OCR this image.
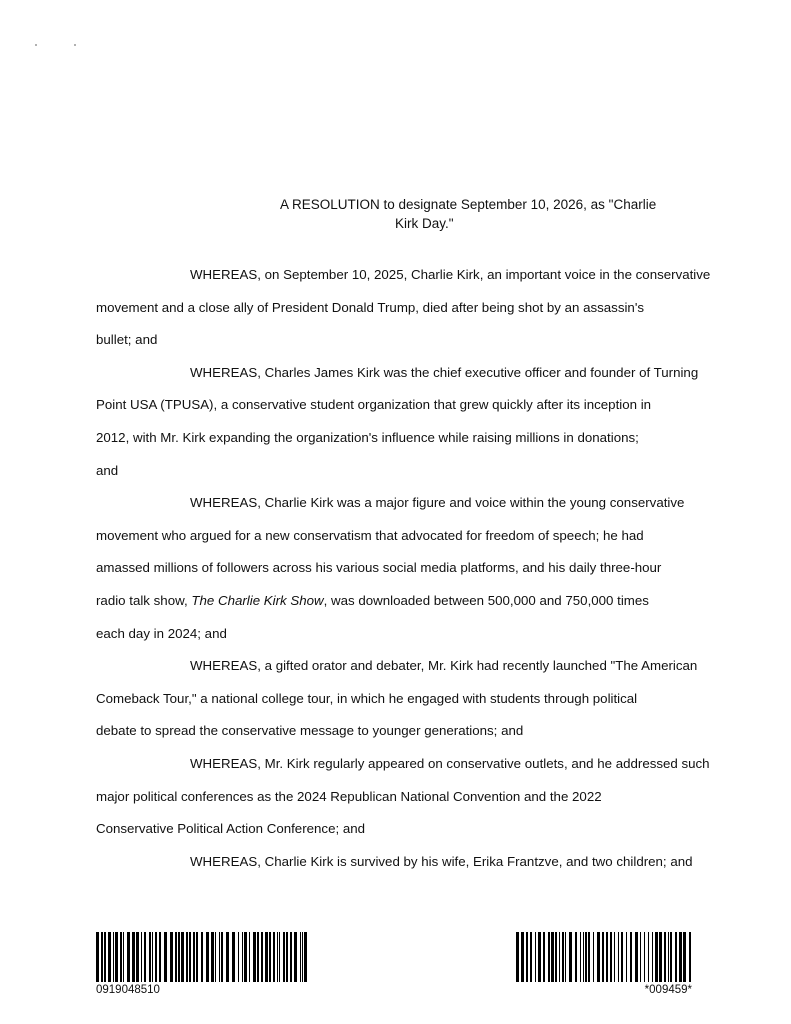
A RESOLUTION to designate September 10, 2026, as "Charlie
Kirk Day."

WHEREAS, on September 10, 2025, Charlie Kirk, an important voice in the conservative
movement and a close ally of President Donald Trump, died after being shot by an assassin's
bullet; and

WHEREAS, Charles James Kirk was the chief executive officer and founder of Turning
Point USA (TPUSA), a conservative student organization that grew quickly after its inception in
2012, with Mr. Kirk expanding the organization's influence while raising millions in donations;
and

WHEREAS, Charlie Kirk was a major figure and voice within the young conservative
movement who argued for a new conservatism that advocated for freedom of speech; he had
amassed millions of followers across his various social media platforms, and his daily three-hour
radio talk show, The Charlie Kirk Show, was downloaded between 500,000 and 750,000 times
each day in 2024; and

WHEREAS, a gifted orator and debater, Mr. Kirk had recently launched "The American
Comeback Tour," a national college tour, in which he engaged with students through political
debate to spread the conservative message to younger generations; and

WHEREAS, Mr. Kirk regularly appeared on conservative outlets, and he addressed such
major political conferences as the 2024 Republican National Convention and the 2022
Conservative Political Action Conference; and

WHEREAS, Charlie Kirk is survived by his wife, Erika Frantzve, and two children; and

0919048510	*009459*
